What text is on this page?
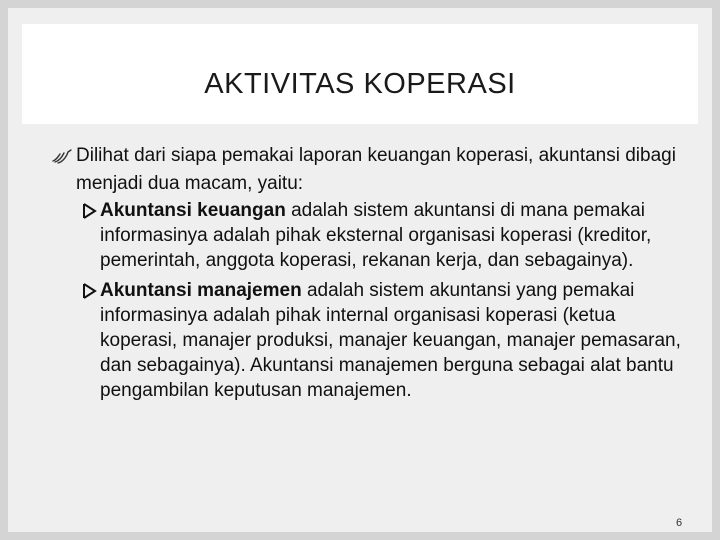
AKTIVITAS KOPERASI

Dilihat dari siapa pemakai laporan keuangan koperasi, akuntansi dibagi menjadi dua macam, yaitu:

Akuntansi keuangan adalah sistem akuntansi di mana pemakai informasinya adalah pihak eksternal organisasi koperasi (kreditor, pemerintah, anggota koperasi, rekanan kerja, dan sebagainya).
Akuntansi manajemen adalah sistem akuntansi yang pemakai informasinya adalah pihak internal organisasi koperasi (ketua koperasi, manajer produksi, manajer keuangan, manajer pemasaran, dan sebagainya). Akuntansi manajemen berguna sebagai alat bantu pengambilan keputusan manajemen.
6
